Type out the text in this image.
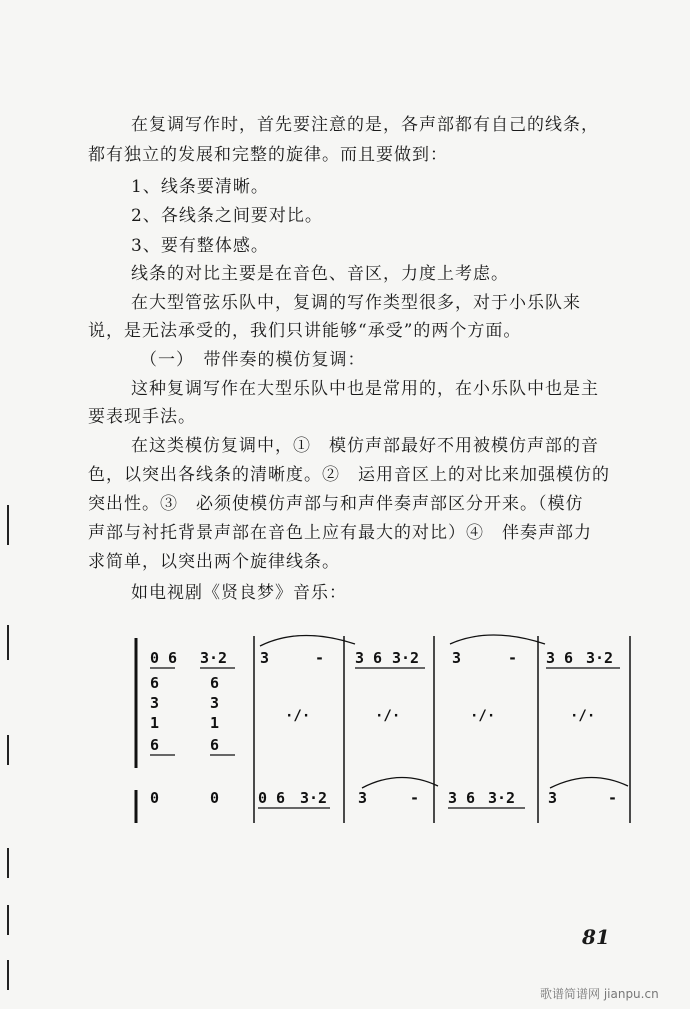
在复调写作时，首先要注意的是，各声部都有自己的线条，
都有独立的发展和完整的旋律。而且要做到：
1、线条要清晰。
2、各线条之间要对比。
3、要有整体感。
线条的对比主要是在音色、音区，力度上考虑。
在大型管弦乐队中，复调的写作类型很多，对于小乐队来
说，是无法承受的，我们只讲能够“承受”的两个方面。
（一）　带伴奏的模仿复调：
这种复调写作在大型乐队中也是常用的，在小乐队中也是主
要表现手法。
在这类模仿复调中，①　模仿声部最好不用被模仿声部的音
色，以突出各线条的清晰度。②　运用音区上的对比来加强模仿的
突出性。③　必须使模仿声部与和声伴奏声部区分开来。（模仿
声部与衬托背景声部在音色上应有最大的对比）④　伴奏声部力
求简单，以突出两个旋律线条。
如电视剧《贤良梦》音乐：
0 6 3·2 3	- 3 6 3·2 3	- 3 6 3·2
6	6
3	3
1	1
6	6
·/·	·/·	·/·	·/·
0	0	0 6 3·2 3	- 3 6 3·2 3	-
81
歌谱简谱网 jianpu.cn
